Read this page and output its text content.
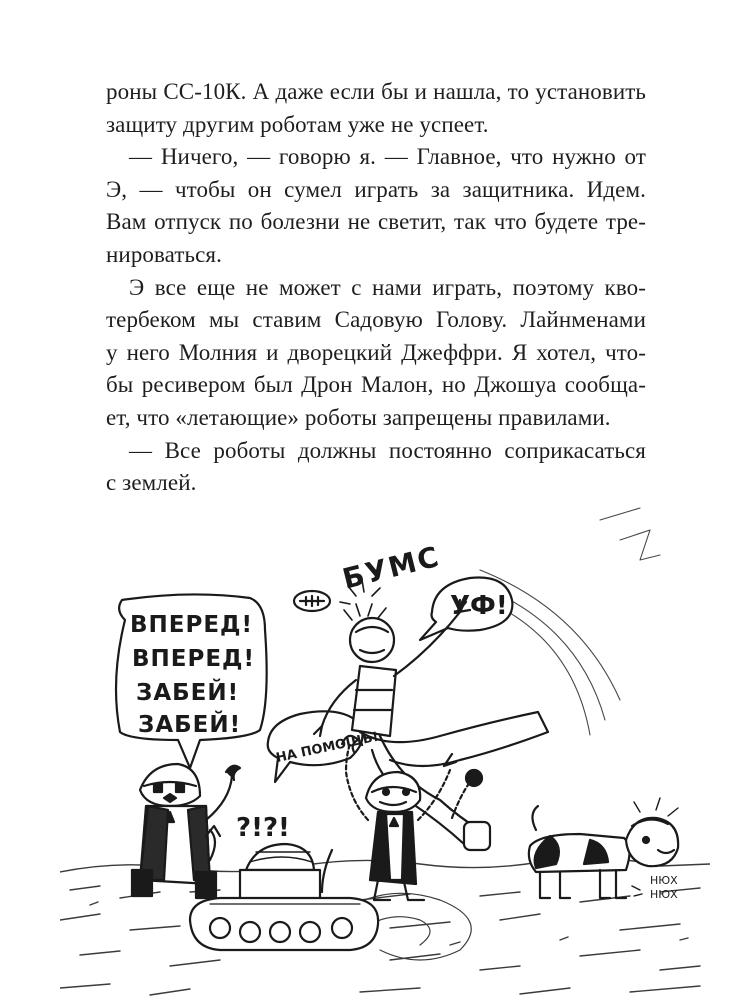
роны СС-10К. А даже если бы и нашла, то установить
защиту другим роботам уже не успеет.

— Ничего, — говорю я. — Главное, что нужно от
Э, — чтобы он сумел играть за защитника. Идем.
Вам отпуск по болезни не светит, так что будете тре-
нироваться.

Э все еще не может с нами играть, поэтому кво-
тербеком мы ставим Садовую Голову. Лайнменами
у него Молния и дворецкий Джеффри. Я хотел, что-
бы ресивером был Дрон Малон, но Джошуа сообща-
ет, что «летающие» роботы запрещены правилами.

— Все роботы должны постоянно соприкасаться
с землей.

БУМС
УФ!
ВПЕРЕД!
ВПЕРЕД!
ЗАБЕЙ!
ЗАБЕЙ!
НА ПОМОЩЬ!
?!?!
НЮХ
НЮХ
